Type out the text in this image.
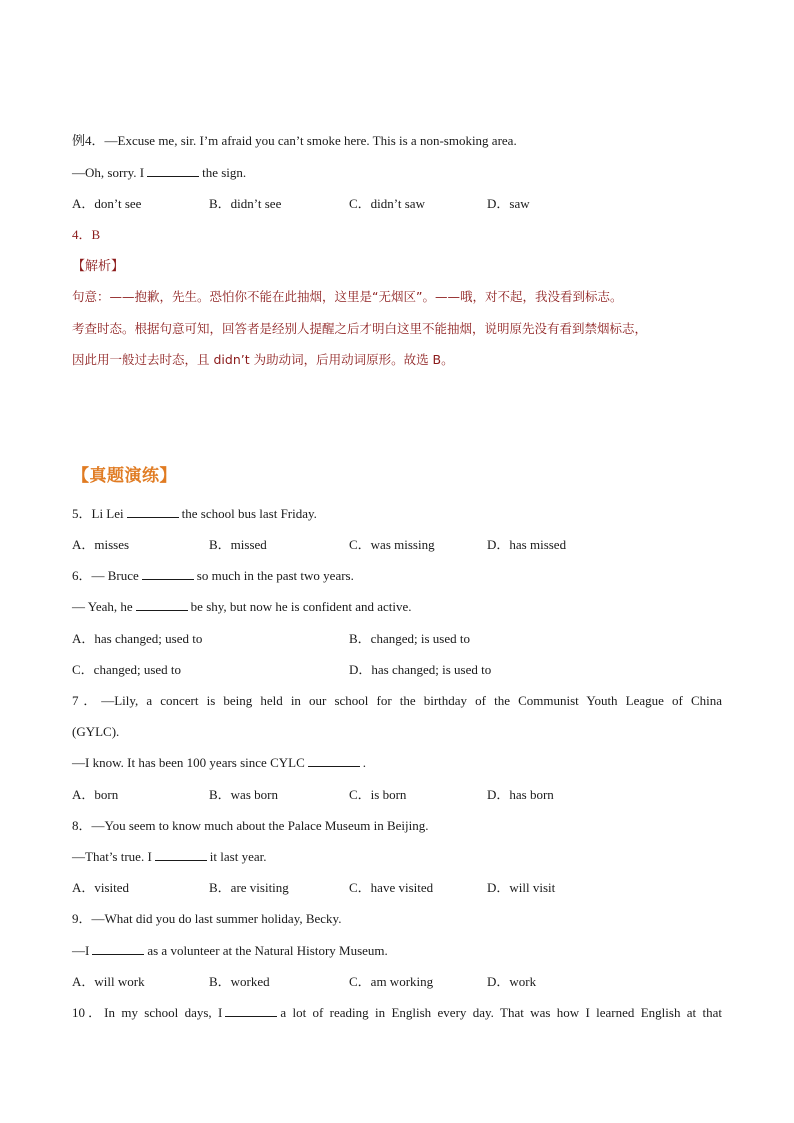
例4．—Excuse me, sir. I’m afraid you can’t smoke here. This is a non-smoking area.
—Oh, sorry. I	the sign.
A．don’t see	B．didn’t see	C．didn’t saw	D．saw
4．B
【解析】
句意：——抱歉，先生。恐怕你不能在此抽烟，这里是“无烟区”。——哦，对不起，我没看到标志。
考查时态。根据句意可知，回答者是经别人提醒之后才明白这里不能抽烟，说明原先没有看到禁烟标志，
因此用一般过去时态，且 didn’t 为助动词，后用动词原形。故选 B。
【真题演练】
5．Li Lei	the school bus last Friday.
A．misses	B．missed	C．was missing	D．has missed
6．— Bruce	so much in the past two years.
— Yeah, he	be shy, but now he is confident and active.
A．has changed; used to	B．changed; is used to
C．changed; used to	D．has changed; is used to
7．—Lily, a concert is being held in our school for the birthday of the Communist Youth League of China
(GYLC).
—I know. It has been 100 years since CYLC	.
A．born	B．was born	C．is born	D．has born
8．—You seem to know much about the Palace Museum in Beijing.
—That’s true. I	it last year.
A．visited	B．are visiting	C．have visited	D．will visit
9．—What did you do last summer holiday, Becky.
—I	as a volunteer at the Natural History Museum.
A．will work	B．worked	C．am working	D．work
10．In my school days, I	a lot of reading in English every day. That was how I learned English at that
